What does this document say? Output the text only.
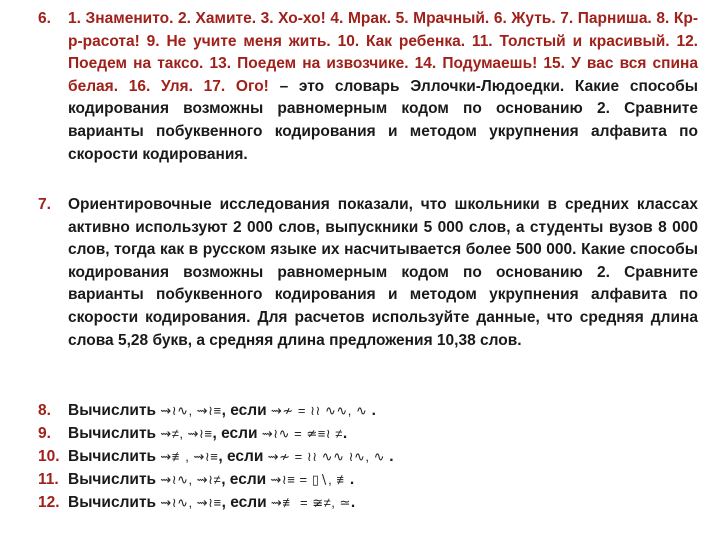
6.	1. Знаменито. 2. Хамите. 3. Хо-хо! 4. Мрак. 5. Мрачный. 6. Жуть. 7. Парниша. 8. Кр-р-расота! 9. Не учите меня жить. 10. Как ребенка. 11. Толстый и красивый. 12. Поедем на таксо. 13. Поедем на извозчике. 14. Подумаешь! 15. У вас вся спина белая. 16. Уля. 17. Ого! – это словарь Эллочки-Людоедки. Какие способы кодирования возможны равномерным кодом по основанию 2. Сравните варианты побуквенного кодирования и методом укрупнения алфавита по скорости кодирования.
7.	Ориентировочные исследования показали, что школьники в средних классах активно используют 2 000 слов, выпускники 5 000 слов, а студенты вузов 8 000 слов, тогда как в русском языке их насчитывается более 500 000. Какие способы кодирования возможны равномерным кодом по основанию 2. Сравните варианты побуквенного кодирования и методом укрупнения алфавита по скорости кодирования. Для расчетов используйте данные, что средняя длина слова 5,28 букв, а средняя длина предложения 10,38 слов.
8.	Вычислить ⇝≀∿, ⇝≀≡, если ⇝≁ = ≀≀ ∿∿, ∿ .
9.	Вычислить ⇝≠, ⇝≀≡, если ⇝≀∿ = ≄≡≀ ≠.
10. Вычислить ⇝≢, ⇝≀≡, если ⇝≁ = ≀≀ ∿∿ ≀∿, ∿ .
11. Вычислить ⇝≀∿, ⇝≀≠, если ⇝≀≡ = ▯∖, ≢.
12. Вычислить ⇝≀∿, ⇝≀≡, если ⇝≢ = ≆≠, ≃.
